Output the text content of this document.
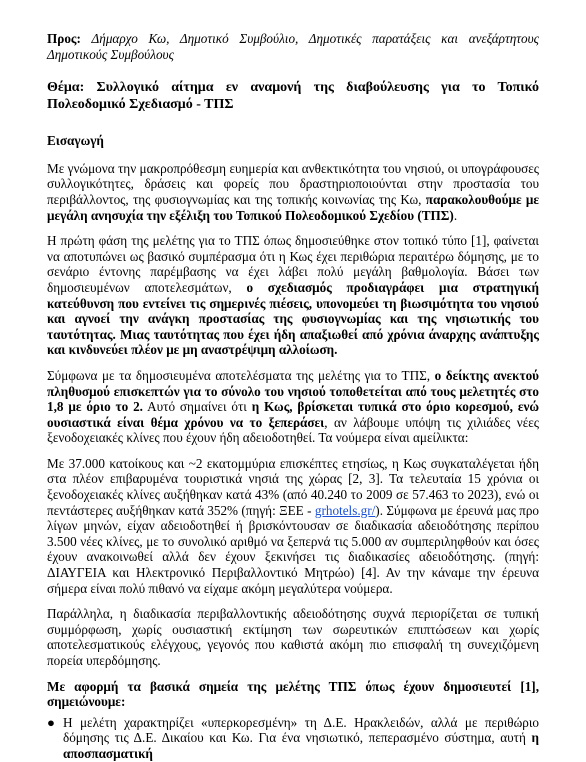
Προς: Δήμαρχο Κω, Δημοτικό Συμβούλιο, Δημοτικές παρατάξεις και ανεξάρτητους Δημοτικούς Συμβούλους

Θέμα: Συλλογικό αίτημα εν αναμονή της διαβούλευσης για το Τοπικό Πολεοδομικό Σχεδιασμό - ΤΠΣ

Εισαγωγή

Με γνώμονα την μακροπρόθεσμη ευημερία και ανθεκτικότητα του νησιού, οι υπογράφουσες συλλογικότητες, δράσεις και φορείς που δραστηριοποιούνται στην προστασία του περιβάλλοντος, της φυσιογνωμίας και της τοπικής κοινωνίας της Κω, παρακολουθούμε με μεγάλη ανησυχία την εξέλιξη του Τοπικού Πολεοδομικού Σχεδίου (ΤΠΣ).

Η πρώτη φάση της μελέτης για το ΤΠΣ όπως δημοσιεύθηκε στον τοπικό τύπο [1], φαίνεται να αποτυπώνει ως βασικό συμπέρασμα ότι η Κως έχει περιθώρια περαιτέρω δόμησης, με το σενάριο έντονης παρέμβασης να έχει λάβει πολύ μεγάλη βαθμολογία. Βάσει των δημοσιευμένων αποτελεσμάτων, ο σχεδιασμός προδιαγράφει μια στρατηγική κατεύθυνση που εντείνει τις σημερινές πιέσεις, υπονομεύει τη βιωσιμότητα του νησιού και αγνοεί την ανάγκη προστασίας της φυσιογνωμίας και της νησιωτικής του ταυτότητας. Μιας ταυτότητας που έχει ήδη απαξιωθεί από χρόνια άναρχης ανάπτυξης και κινδυνεύει πλέον με μη αναστρέψιμη αλλοίωση.

Σύμφωνα με τα δημοσιευμένα αποτελέσματα της μελέτης για το ΤΠΣ, ο δείκτης ανεκτού πληθυσμού επισκεπτών για το σύνολο του νησιού τοποθετείται από τους μελετητές στο 1,8 με όριο το 2. Αυτό σημαίνει ότι η Κως, βρίσκεται τυπικά στο όριο κορεσμού, ενώ ουσιαστικά είναι θέμα χρόνου να το ξεπεράσει, αν λάβουμε υπόψη τις χιλιάδες νέες ξενοδοχειακές κλίνες που έχουν ήδη αδειοδοτηθεί. Τα νούμερα είναι αμείλικτα:

Με 37.000 κατοίκους και ~2 εκατομμύρια επισκέπτες ετησίως, η Κως συγκαταλέγεται ήδη στα πλέον επιβαρυμένα τουριστικά νησιά της χώρας [2, 3]. Τα τελευταία 15 χρόνια οι ξενοδοχειακές κλίνες αυξήθηκαν κατά 43% (από 40.240 το 2009 σε 57.463 το 2023), ενώ οι πεντάστερες αυξήθηκαν κατά 352% (πηγή: ΞΕΕ - grhotels.gr/). Σύμφωνα με έρευνά μας προ λίγων μηνών, είχαν αδειοδοτηθεί ή βρισκόντουσαν σε διαδικασία αδειοδότησης περίπου 3.500 νέες κλίνες, με το συνολικό αριθμό να ξεπερνά τις 5.000 αν συμπεριληφθούν και όσες έχουν ανακοινωθεί αλλά δεν έχουν ξεκινήσει τις διαδικασίες αδειοδότησης. (πηγή: ΔΙΑΥΓΕΙΑ και Ηλεκτρονικό Περιβαλλοντικό Μητρώο) [4]. Αν την κάναμε την έρευνα σήμερα είναι πολύ πιθανό να είχαμε ακόμη μεγαλύτερα νούμερα.

Παράλληλα, η διαδικασία περιβαλλοντικής αδειοδότησης συχνά περιορίζεται σε τυπική συμμόρφωση, χωρίς ουσιαστική εκτίμηση των σωρευτικών επιπτώσεων και χωρίς αποτελεσματικούς ελέγχους, γεγονός που καθιστά ακόμη πιο επισφαλή τη συνεχιζόμενη πορεία υπερδόμησης.

Με αφορμή τα βασικά σημεία της μελέτης ΤΠΣ όπως έχουν δημοσιευτεί [1], σημειώνουμε:

● Η μελέτη χαρακτηρίζει «υπερκορεσμένη» τη Δ.Ε. Ηρακλειδών, αλλά με περιθώριο δόμησης τις Δ.Ε. Δικαίου και Κω. Για ένα νησιωτικό, πεπερασμένο σύστημα, αυτή η αποσπασματική
